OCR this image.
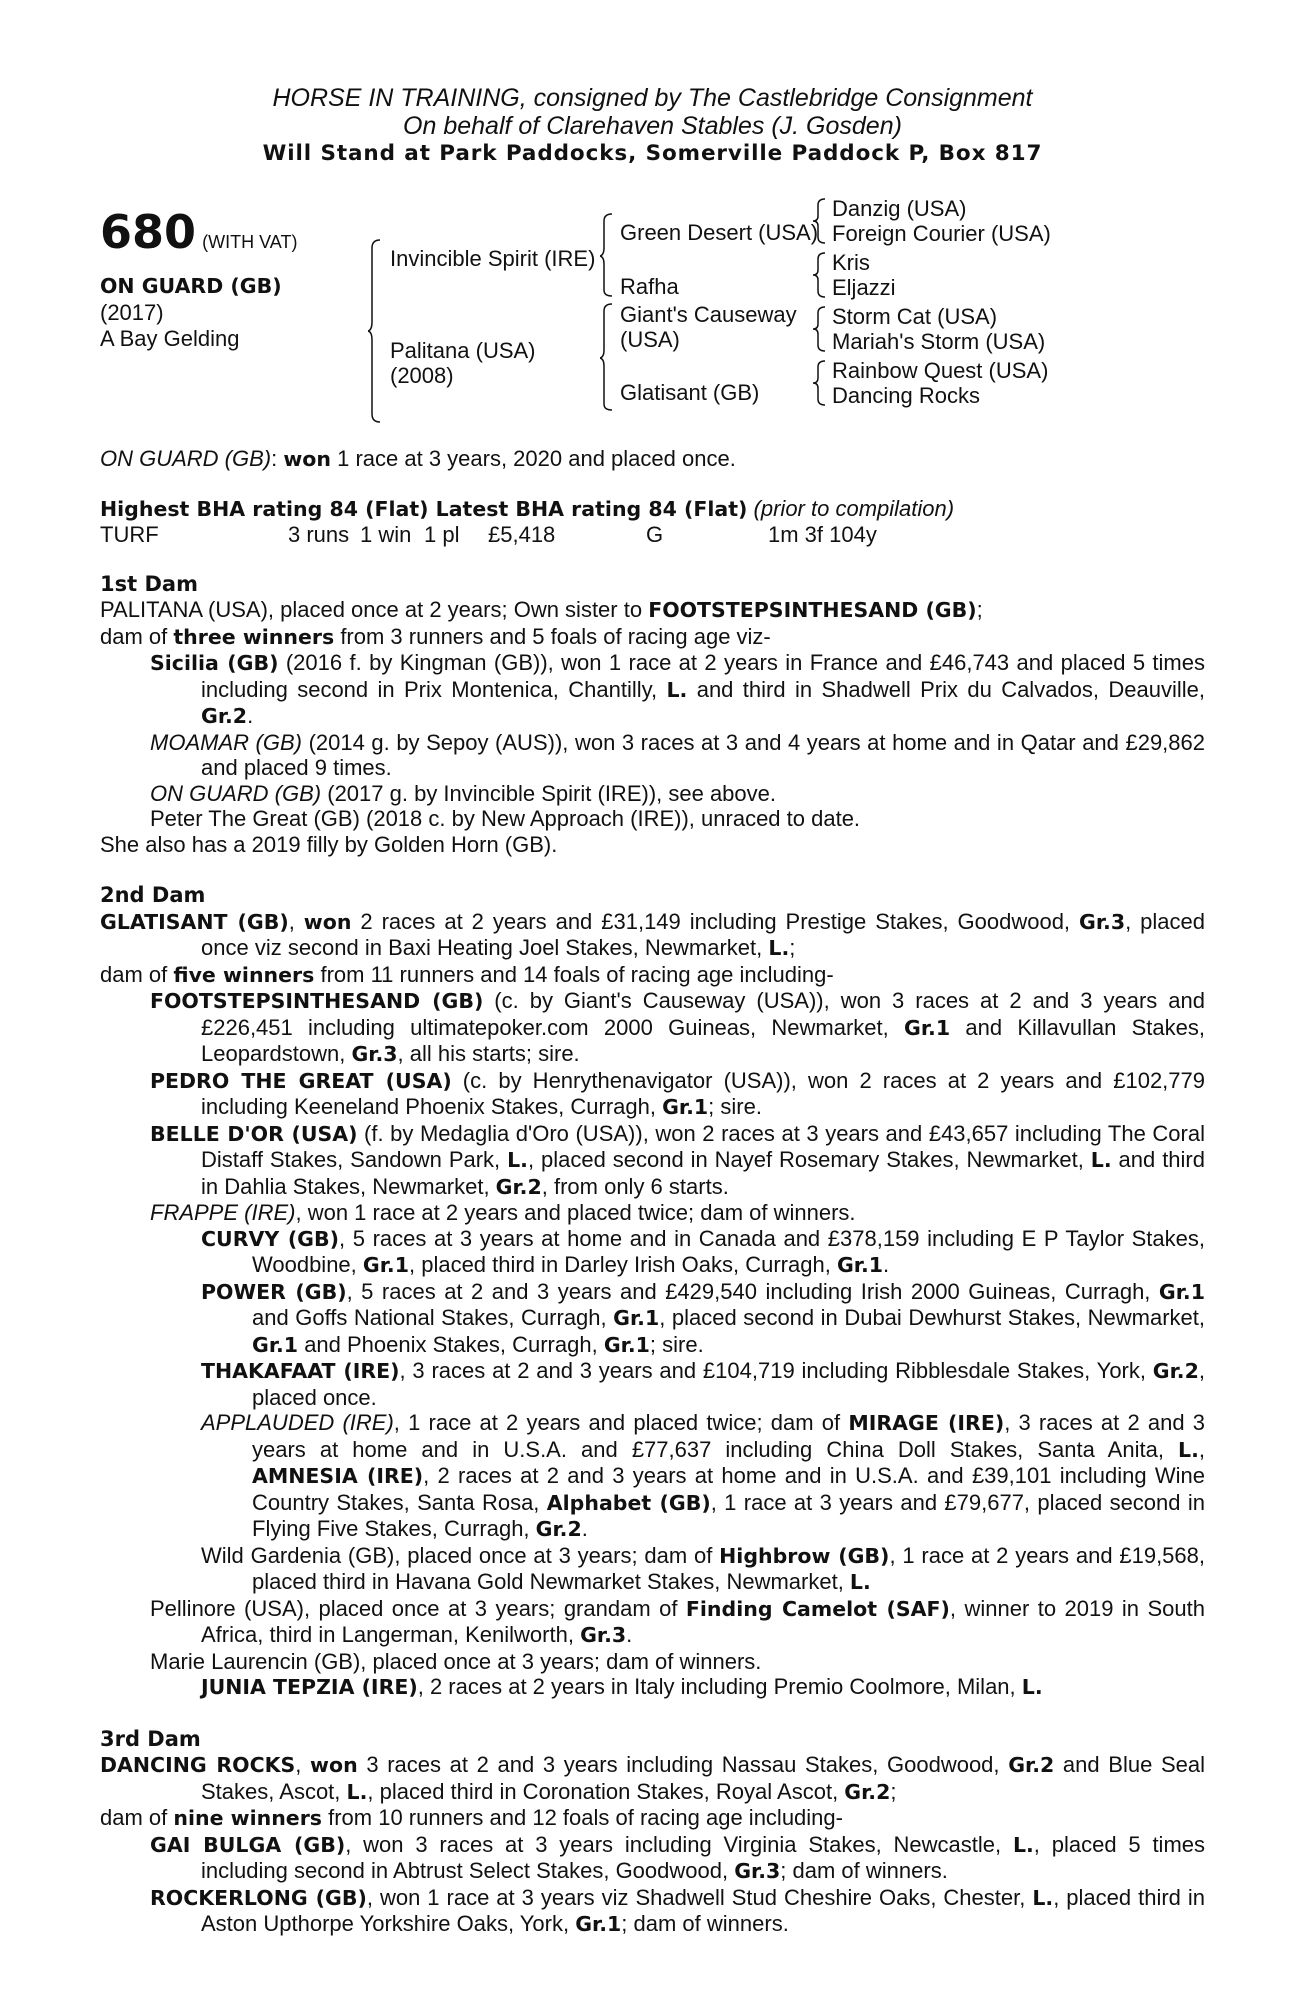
HORSE IN TRAINING, consigned by The Castlebridge Consignment
On behalf of Clarehaven Stables (J. Gosden)
Will Stand at Park Paddocks, Somerville Paddock P, Box 817
680 (WITH VAT)
ON GUARD (GB)
(2017)
A Bay Gelding
Invincible Spirit (IRE)
Palitana (USA)
(2008)
Green Desert (USA)
Rafha
Giant's Causeway
(USA)
Glatisant (GB)
Danzig (USA)
Foreign Courier (USA)
Kris
Eljazzi
Storm Cat (USA)
Mariah's Storm (USA)
Rainbow Quest (USA)
Dancing Rocks

ON GUARD (GB): won 1 race at 3 years, 2020 and placed once.

Highest BHA rating 84 (Flat) Latest BHA rating 84 (Flat) (prior to compilation)

TURF	3 runs 1 win 1 pl £5,418	G	1m 3f 104y

1st Dam

PALITANA (USA), placed once at 2 years; Own sister to FOOTSTEPSINTHESAND (GB);

dam of three winners from 3 runners and 5 foals of racing age viz-

Sicilia (GB) (2016 f. by Kingman (GB)), won 1 race at 2 years in France and £46,743 and placed 5 times including second in Prix Montenica, Chantilly, L. and third in Shadwell Prix du Calvados, Deauville, Gr.2.

MOAMAR (GB) (2014 g. by Sepoy (AUS)), won 3 races at 3 and 4 years at home and in Qatar and £29,862 and placed 9 times.

ON GUARD (GB) (2017 g. by Invincible Spirit (IRE)), see above.

Peter The Great (GB) (2018 c. by New Approach (IRE)), unraced to date.

She also has a 2019 filly by Golden Horn (GB).

2nd Dam

GLATISANT (GB), won 2 races at 2 years and £31,149 including Prestige Stakes, Goodwood, Gr.3, placed once viz second in Baxi Heating Joel Stakes, Newmarket, L.;

dam of five winners from 11 runners and 14 foals of racing age including-

FOOTSTEPSINTHESAND (GB) (c. by Giant's Causeway (USA)), won 3 races at 2 and 3 years and £226,451 including ultimatepoker.com 2000 Guineas, Newmarket, Gr.1 and Killavullan Stakes, Leopardstown, Gr.3, all his starts; sire.

PEDRO THE GREAT (USA) (c. by Henrythenavigator (USA)), won 2 races at 2 years and £102,779 including Keeneland Phoenix Stakes, Curragh, Gr.1; sire.

BELLE D'OR (USA) (f. by Medaglia d'Oro (USA)), won 2 races at 3 years and £43,657 including The Coral Distaff Stakes, Sandown Park, L., placed second in Nayef Rosemary Stakes, Newmarket, L. and third in Dahlia Stakes, Newmarket, Gr.2, from only 6 starts.

FRAPPE (IRE), won 1 race at 2 years and placed twice; dam of winners.

CURVY (GB), 5 races at 3 years at home and in Canada and £378,159 including E P Taylor Stakes, Woodbine, Gr.1, placed third in Darley Irish Oaks, Curragh, Gr.1.

POWER (GB), 5 races at 2 and 3 years and £429,540 including Irish 2000 Guineas, Curragh, Gr.1 and Goffs National Stakes, Curragh, Gr.1, placed second in Dubai Dewhurst Stakes, Newmarket, Gr.1 and Phoenix Stakes, Curragh, Gr.1; sire.

THAKAFAAT (IRE), 3 races at 2 and 3 years and £104,719 including Ribblesdale Stakes, York, Gr.2, placed once.

APPLAUDED (IRE), 1 race at 2 years and placed twice; dam of MIRAGE (IRE), 3 races at 2 and 3 years at home and in U.S.A. and £77,637 including China Doll Stakes, Santa Anita, L., AMNESIA (IRE), 2 races at 2 and 3 years at home and in U.S.A. and £39,101 including Wine Country Stakes, Santa Rosa, Alphabet (GB), 1 race at 3 years and £79,677, placed second in Flying Five Stakes, Curragh, Gr.2.

Wild Gardenia (GB), placed once at 3 years; dam of Highbrow (GB), 1 race at 2 years and £19,568, placed third in Havana Gold Newmarket Stakes, Newmarket, L.

Pellinore (USA), placed once at 3 years; grandam of Finding Camelot (SAF), winner to 2019 in South Africa, third in Langerman, Kenilworth, Gr.3.

Marie Laurencin (GB), placed once at 3 years; dam of winners.

JUNIA TEPZIA (IRE), 2 races at 2 years in Italy including Premio Coolmore, Milan, L.

3rd Dam

DANCING ROCKS, won 3 races at 2 and 3 years including Nassau Stakes, Goodwood, Gr.2 and Blue Seal Stakes, Ascot, L., placed third in Coronation Stakes, Royal Ascot, Gr.2;

dam of nine winners from 10 runners and 12 foals of racing age including-

GAI BULGA (GB), won 3 races at 3 years including Virginia Stakes, Newcastle, L., placed 5 times including second in Abtrust Select Stakes, Goodwood, Gr.3; dam of winners.

ROCKERLONG (GB), won 1 race at 3 years viz Shadwell Stud Cheshire Oaks, Chester, L., placed third in Aston Upthorpe Yorkshire Oaks, York, Gr.1; dam of winners.
